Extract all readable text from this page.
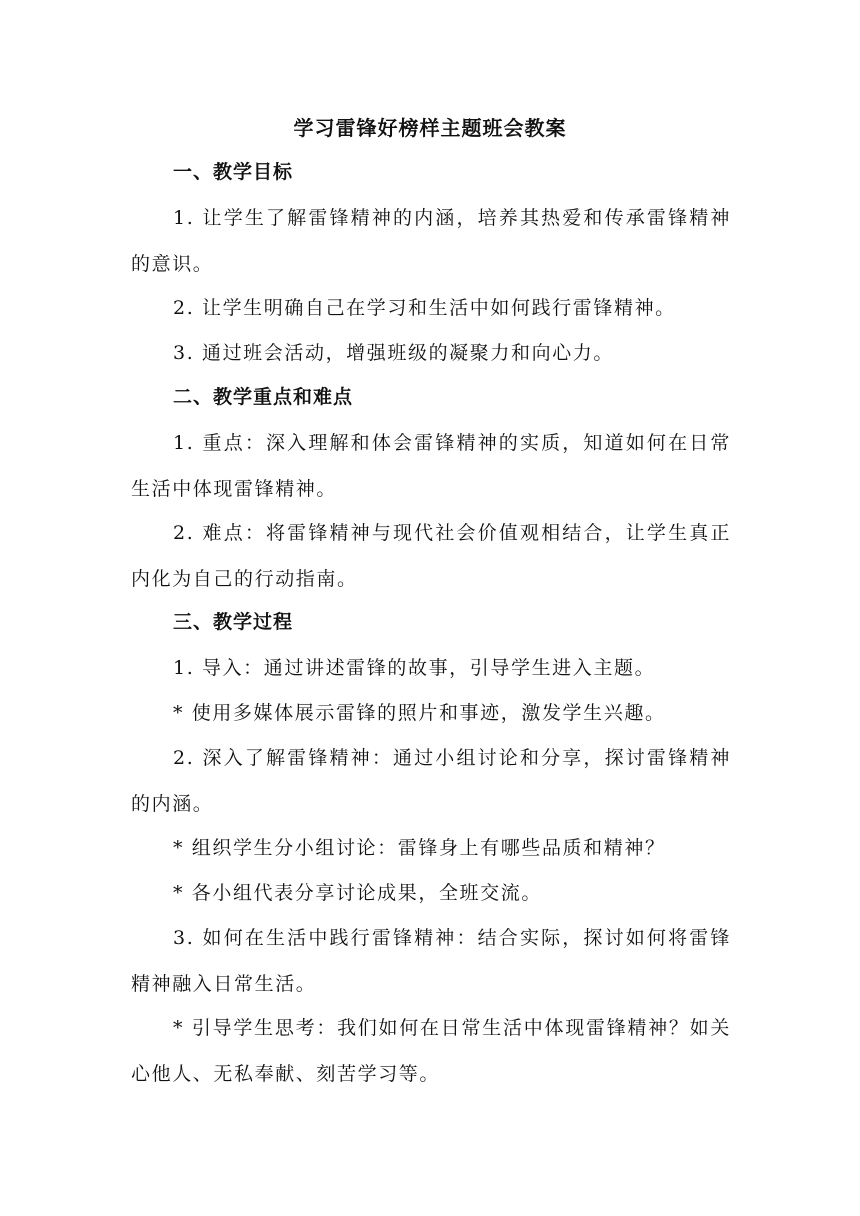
学习雷锋好榜样主题班会教案
一、教学目标

1. 让学生了解雷锋精神的内涵，培养其热爱和传承雷锋精神的意识。

2. 让学生明确自己在学习和生活中如何践行雷锋精神。

3. 通过班会活动，增强班级的凝聚力和向心力。

二、教学重点和难点

1. 重点：深入理解和体会雷锋精神的实质，知道如何在日常生活中体现雷锋精神。

2. 难点：将雷锋精神与现代社会价值观相结合，让学生真正内化为自己的行动指南。

三、教学过程

1. 导入：通过讲述雷锋的故事，引导学生进入主题。

* 使用多媒体展示雷锋的照片和事迹，激发学生兴趣。

2. 深入了解雷锋精神：通过小组讨论和分享，探讨雷锋精神的内涵。

* 组织学生分小组讨论：雷锋身上有哪些品质和精神？

* 各小组代表分享讨论成果，全班交流。

3. 如何在生活中践行雷锋精神：结合实际，探讨如何将雷锋精神融入日常生活。

* 引导学生思考：我们如何在日常生活中体现雷锋精神？如关心他人、无私奉献、刻苦学习等。
